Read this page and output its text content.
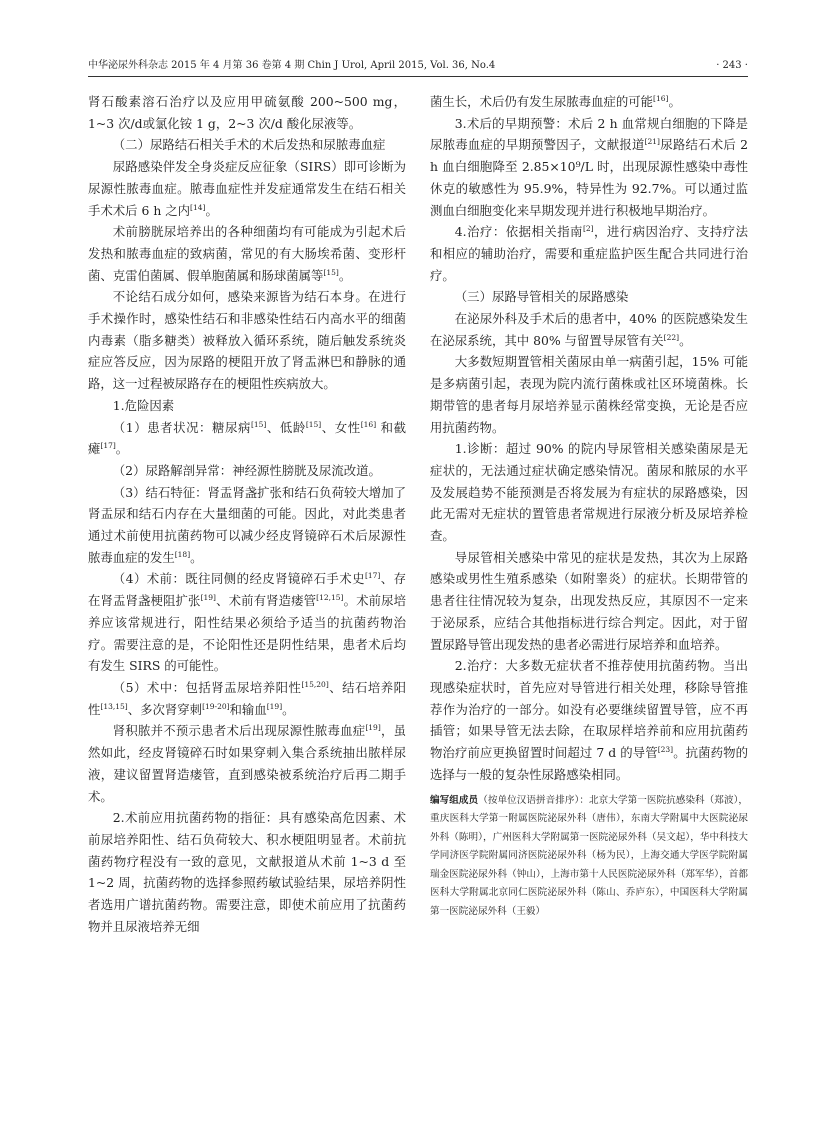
中华泌尿外科杂志 2015 年 4 月第 36 卷第 4 期 Chin J Urol, April 2015, Vol. 36, No.4	· 243 ·

肾石酸素溶石治疗以及应用甲硫氨酸 200~500 mg，1~3 次/d或氯化铵 1 g，2~3 次/d 酸化尿液等。

（二）尿路结石相关手术的术后发热和尿脓毒血症

尿路感染伴发全身炎症反应征象（SIRS）即可诊断为尿源性脓毒血症。脓毒血症性并发症通常发生在结石相关手术术后 6 h 之内[14]。

术前膀胱尿培养出的各种细菌均有可能成为引起术后发热和脓毒血症的致病菌，常见的有大肠埃希菌、变形杆菌、克雷伯菌属、假单胞菌属和肠球菌属等[15]。

不论结石成分如何，感染来源皆为结石本身。在进行手术操作时，感染性结石和非感染性结石内高水平的细菌内毒素（脂多糖类）被释放入循环系统，随后触发系统炎症应答反应，因为尿路的梗阻开放了肾盂淋巴和静脉的通路，这一过程被尿路存在的梗阻性疾病放大。

1.危险因素

（1）患者状况：糖尿病[15]、低龄[15]、女性[16] 和截瘫[17]。

（2）尿路解剖异常：神经源性膀胱及尿流改道。

（3）结石特征：肾盂肾盏扩张和结石负荷较大增加了肾盂尿和结石内存在大量细菌的可能。因此，对此类患者通过术前使用抗菌药物可以减少经皮肾镜碎石术后尿源性脓毒血症的发生[18]。

（4）术前：既往同侧的经皮肾镜碎石手术史[17]、存在肾盂肾盏梗阻扩张[19]、术前有肾造瘘管[12,15]。术前尿培养应该常规进行，阳性结果必须给予适当的抗菌药物治疗。需要注意的是，不论阳性还是阴性结果，患者术后均有发生 SIRS 的可能性。

（5）术中：包括肾盂尿培养阳性[15,20]、结石培养阳性[13,15]、多次肾穿刺[19-20]和输血[19]。

肾积脓并不预示患者术后出现尿源性脓毒血症[19]，虽然如此，经皮肾镜碎石时如果穿刺入集合系统抽出脓样尿液，建议留置肾造瘘管，直到感染被系统治疗后再二期手术。

2.术前应用抗菌药物的指征：具有感染高危因素、术前尿培养阳性、结石负荷较大、积水梗阻明显者。术前抗菌药物疗程没有一致的意见，文献报道从术前 1~3 d 至 1~2 周，抗菌药物的选择参照药敏试验结果，尿培养阴性者选用广谱抗菌药物。需要注意，即使术前应用了抗菌药物并且尿液培养无细

菌生长，术后仍有发生尿脓毒血症的可能[16]。

3.术后的早期预警：术后 2 h 血常规白细胞的下降是尿脓毒血症的早期预警因子，文献报道[21]尿路结石术后 2 h 血白细胞降至 2.85×10⁹/L 时，出现尿源性感染中毒性休克的敏感性为 95.9%，特异性为 92.7%。可以通过监测血白细胞变化来早期发现并进行积极地早期治疗。

4.治疗：依据相关指南[2]，进行病因治疗、支持疗法和相应的辅助治疗，需要和重症监护医生配合共同进行治疗。

（三）尿路导管相关的尿路感染

在泌尿外科及手术后的患者中，40% 的医院感染发生在泌尿系统，其中 80% 与留置导尿管有关[22]。

大多数短期置管相关菌尿由单一病菌引起，15% 可能是多病菌引起，表现为院内流行菌株或社区环境菌株。长期带管的患者每月尿培养显示菌株经常变换，无论是否应用抗菌药物。

1.诊断：超过 90% 的院内导尿管相关感染菌尿是无症状的，无法通过症状确定感染情况。菌尿和脓尿的水平及发展趋势不能预测是否将发展为有症状的尿路感染，因此无需对无症状的置管患者常规进行尿液分析及尿培养检查。

导尿管相关感染中常见的症状是发热，其次为上尿路感染或男性生殖系感染（如附睾炎）的症状。长期带管的患者往往情况较为复杂，出现发热反应，其原因不一定来于泌尿系，应结合其他指标进行综合判定。因此，对于留置尿路导管出现发热的患者必需进行尿培养和血培养。

2.治疗：大多数无症状者不推荐使用抗菌药物。当出现感染症状时，首先应对导管进行相关处理，移除导管推荐作为治疗的一部分。如没有必要继续留置导管，应不再插管；如果导管无法去除，在取尿样培养前和应用抗菌药物治疗前应更换留置时间超过 7 d 的导管[23]。抗菌药物的选择与一般的复杂性尿路感染相同。

编写组成员（按单位汉语拼音排序）：北京大学第一医院抗感染科（郑波），重庆医科大学第一附属医院泌尿外科（唐伟），东南大学附属中大医院泌尿外科（陈明），广州医科大学附属第一医院泌尿外科（吴文起），华中科技大学同济医学院附属同济医院泌尿外科（杨为民），上海交通大学医学院附属瑞金医院泌尿外科（钟山），上海市第十人民医院泌尿外科（郑军华），首都医科大学附属北京同仁医院泌尿外科（陈山、乔庐东），中国医科大学附属第一医院泌尿外科（王毅）
